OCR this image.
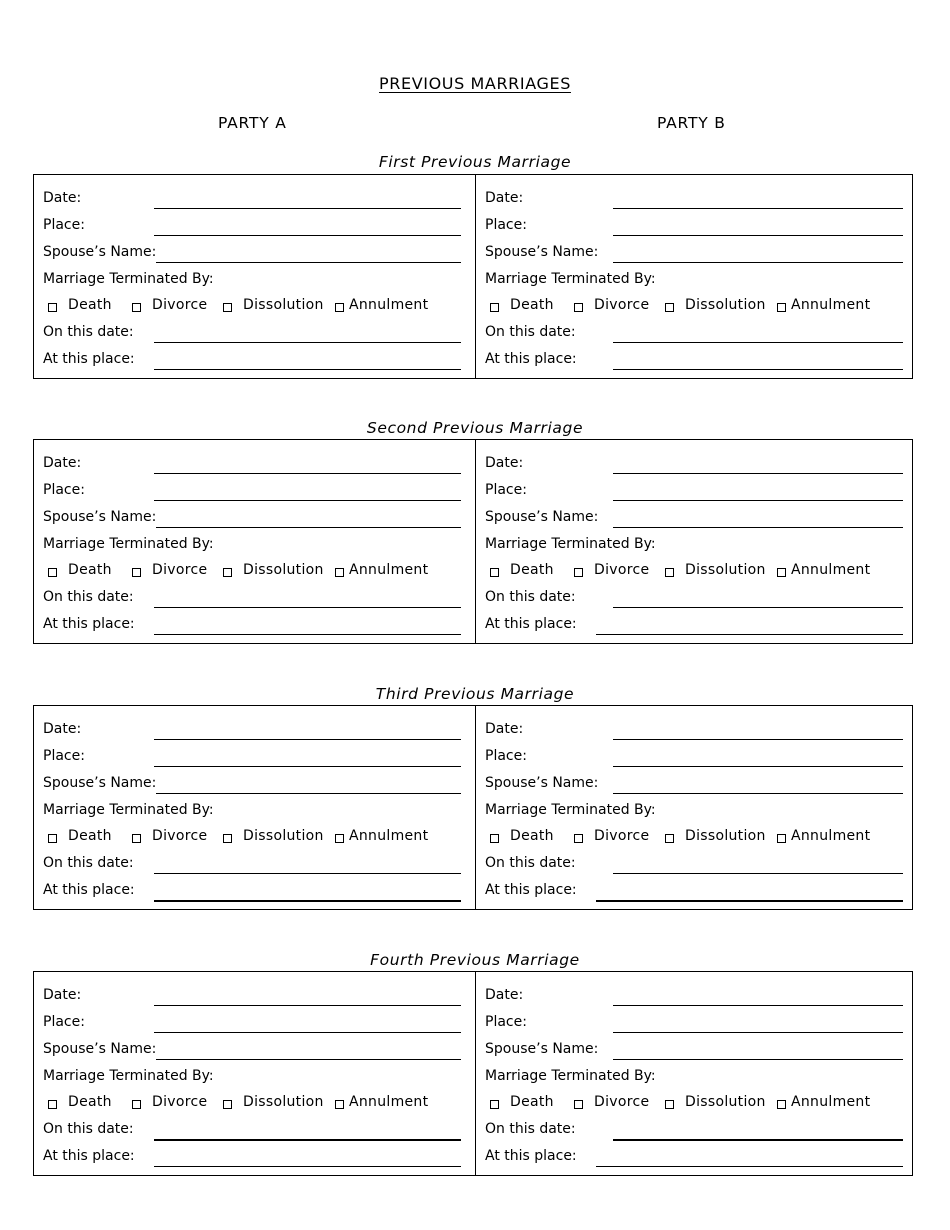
PREVIOUS MARRIAGES
PARTY A	PARTY B
First Previous Marriage
Date:
Place:
Spouse’s Name:
Marriage Terminated By:
Death	Divorce	Dissolution Annulment
On this date:
At this place:
Date:
Place:
Spouse’s Name:
Marriage Terminated By:
Death	Divorce	Dissolution Annulment
On this date:
At this place:
Second Previous Marriage
Date:
Place:
Spouse’s Name:
Marriage Terminated By:
Death	Divorce	Dissolution Annulment
On this date:
At this place:
Date:
Place:
Spouse’s Name:
Marriage Terminated By:
Death	Divorce	Dissolution Annulment
On this date:
At this place:
Third Previous Marriage
Date:
Place:
Spouse’s Name:
Marriage Terminated By:
Death	Divorce	Dissolution Annulment
On this date:
At this place:
Date:
Place:
Spouse’s Name:
Marriage Terminated By:
Death	Divorce	Dissolution Annulment
On this date:
At this place:
Fourth Previous Marriage
Date:
Place:
Spouse’s Name:
Marriage Terminated By:
Death	Divorce	Dissolution Annulment
On this date:
At this place:
Date:
Place:
Spouse’s Name:
Marriage Terminated By:
Death	Divorce	Dissolution Annulment
On this date:
At this place:
